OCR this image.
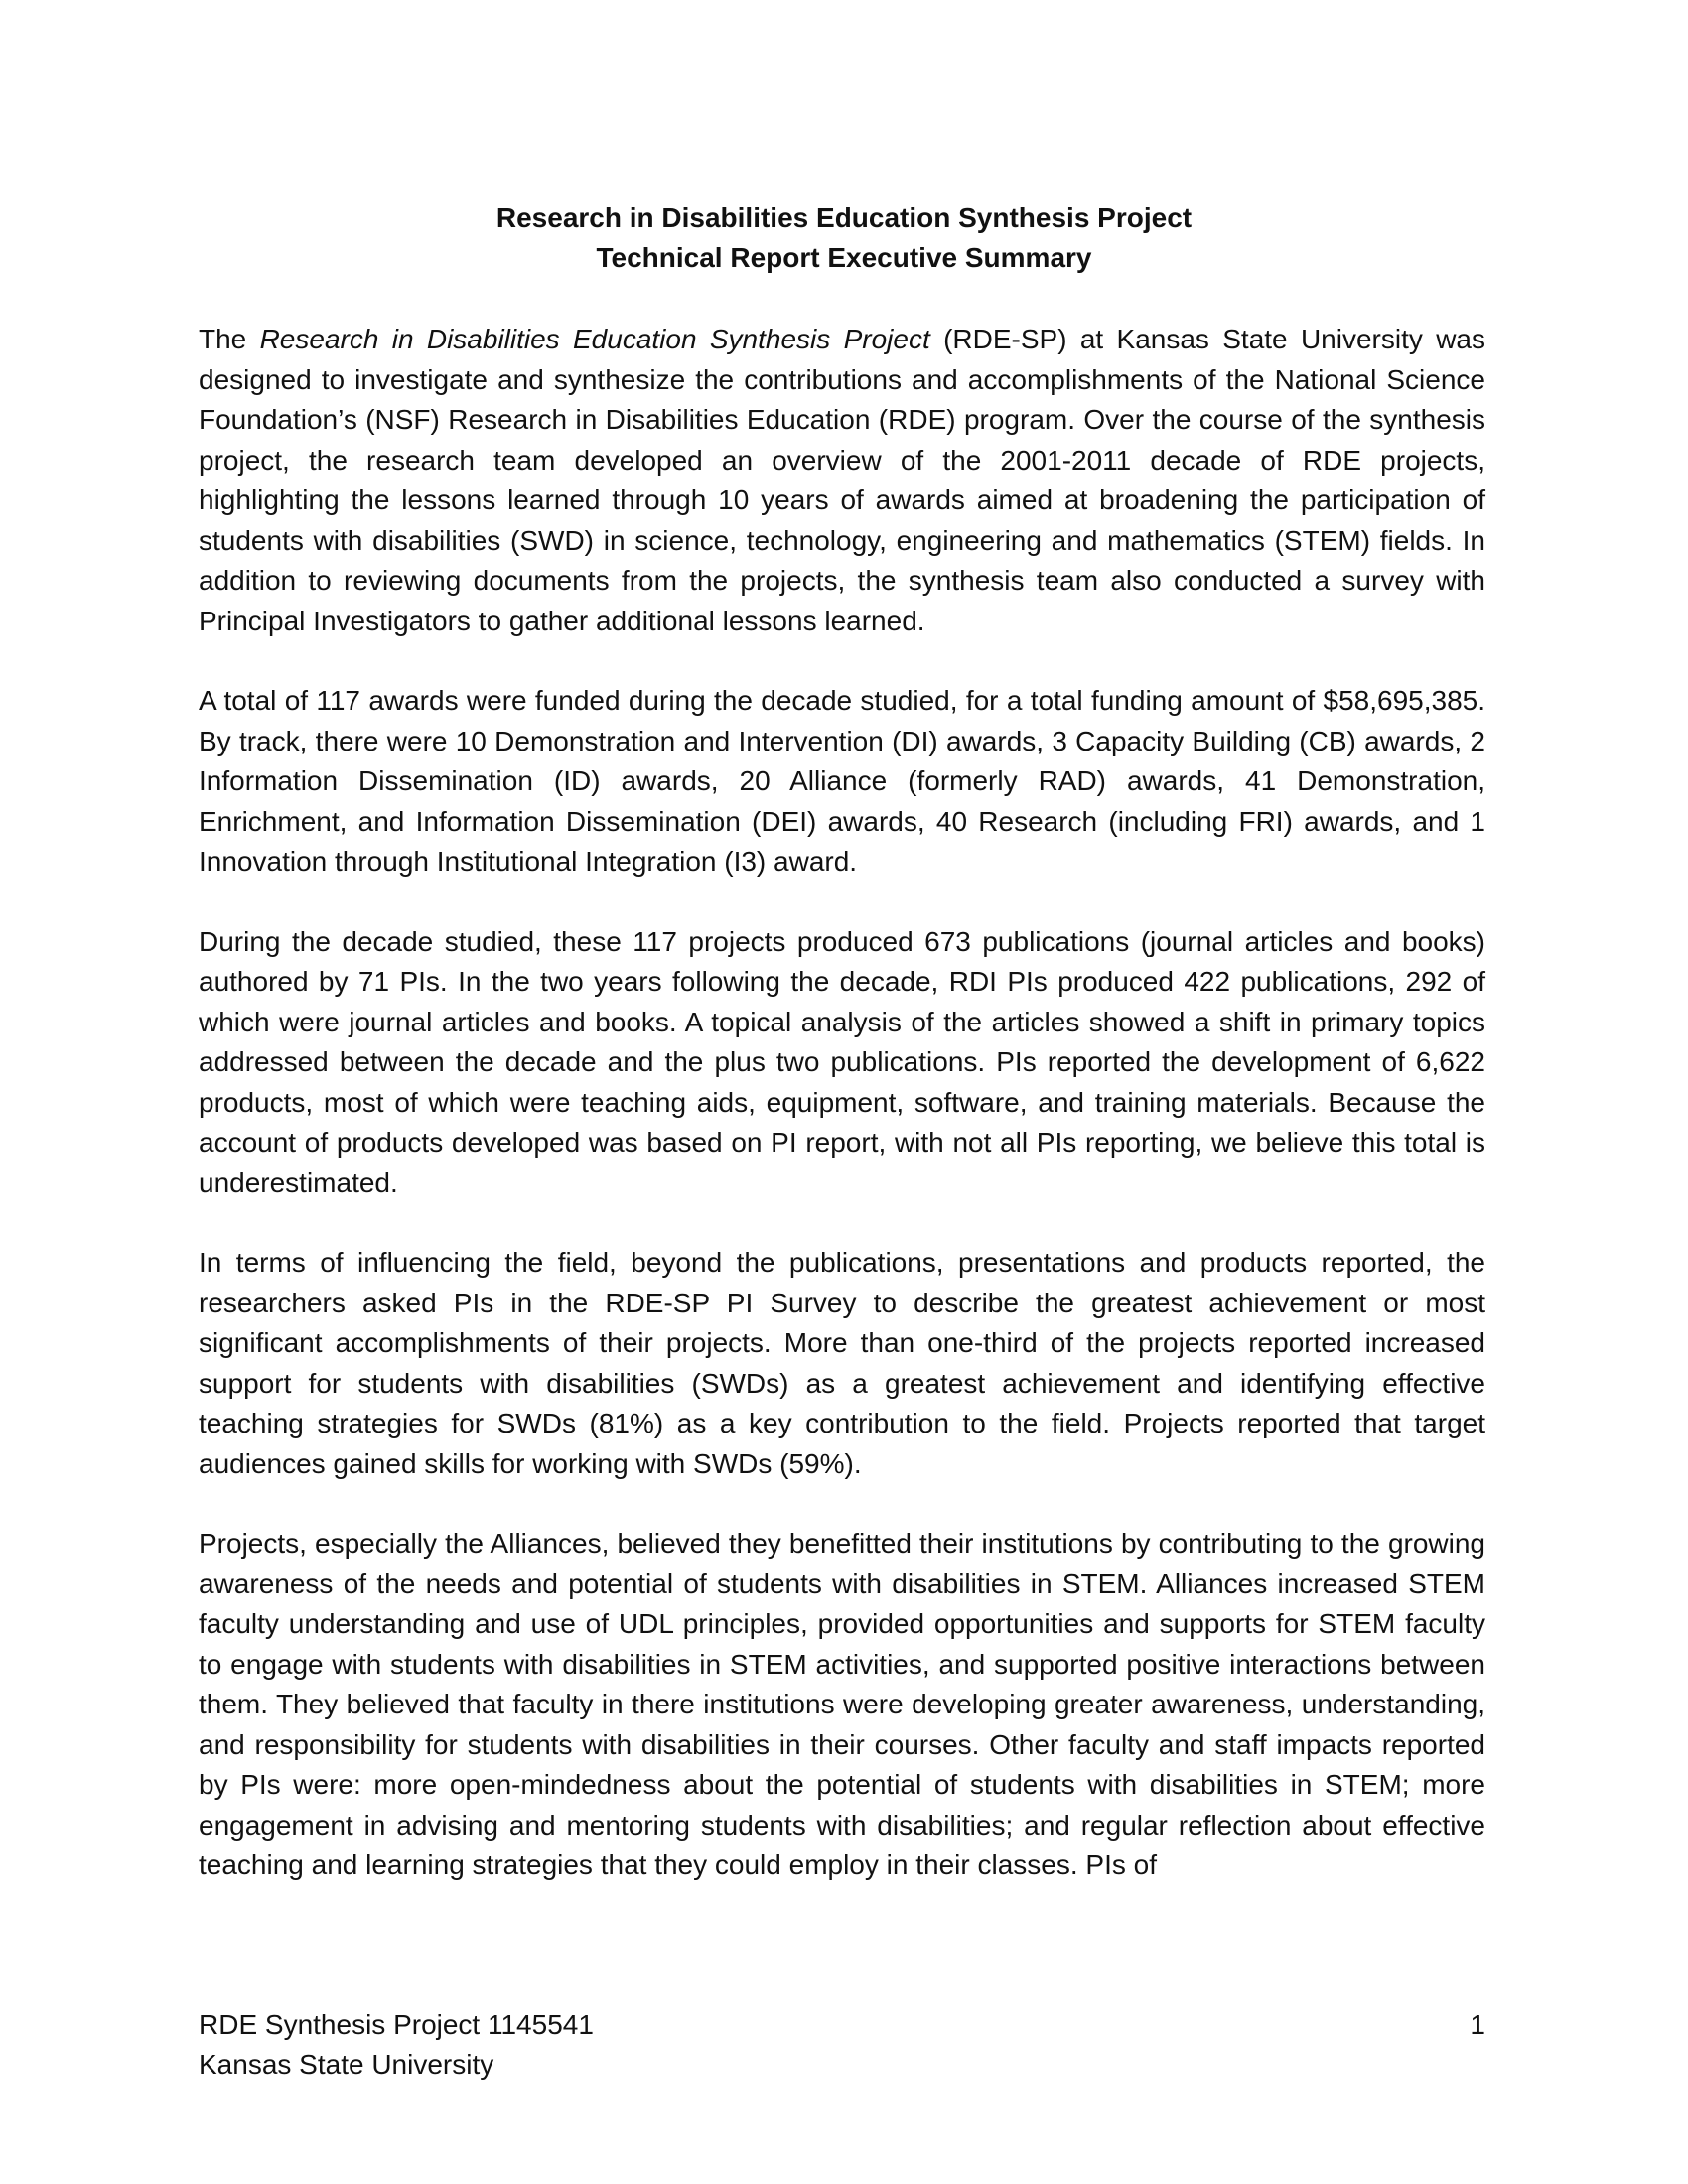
Research in Disabilities Education Synthesis Project

Technical Report Executive Summary

The Research in Disabilities Education Synthesis Project (RDE-SP) at Kansas State University was designed to investigate and synthesize the contributions and accomplishments of the National Science Foundation’s (NSF) Research in Disabilities Education (RDE) program. Over the course of the synthesis project, the research team developed an overview of the 2001-2011 decade of RDE projects, highlighting the lessons learned through 10 years of awards aimed at broadening the participation of students with disabilities (SWD) in science, technology, engineering and mathematics (STEM) fields. In addition to reviewing documents from the projects, the synthesis team also conducted a survey with Principal Investigators to gather additional lessons learned.

A total of 117 awards were funded during the decade studied, for a total funding amount of $58,695,385. By track, there were 10 Demonstration and Intervention (DI) awards, 3 Capacity Building (CB) awards, 2 Information Dissemination (ID) awards, 20 Alliance (formerly RAD) awards, 41 Demonstration, Enrichment, and Information Dissemination (DEI) awards, 40 Research (including FRI) awards, and 1 Innovation through Institutional Integration (I3) award.

During the decade studied, these 117 projects produced 673 publications (journal articles and books) authored by 71 PIs. In the two years following the decade, RDI PIs produced 422 publications, 292 of which were journal articles and books. A topical analysis of the articles showed a shift in primary topics addressed between the decade and the plus two publications. PIs reported the development of 6,622 products, most of which were teaching aids, equipment, software, and training materials. Because the account of products developed was based on PI report, with not all PIs reporting, we believe this total is underestimated.

In terms of influencing the field, beyond the publications, presentations and products reported, the researchers asked PIs in the RDE-SP PI Survey to describe the greatest achievement or most significant accomplishments of their projects. More than one-third of the projects reported increased support for students with disabilities (SWDs) as a greatest achievement and identifying effective teaching strategies for SWDs (81%) as a key contribution to the field. Projects reported that target audiences gained skills for working with SWDs (59%).

Projects, especially the Alliances, believed they benefitted their institutions by contributing to the growing awareness of the needs and potential of students with disabilities in STEM. Alliances increased STEM faculty understanding and use of UDL principles, provided opportunities and supports for STEM faculty to engage with students with disabilities in STEM activities, and supported positive interactions between them. They believed that faculty in there institutions were developing greater awareness, understanding, and responsibility for students with disabilities in their courses. Other faculty and staff impacts reported by PIs were: more open-mindedness about the potential of students with disabilities in STEM; more engagement in advising and mentoring students with disabilities; and regular reflection about effective teaching and learning strategies that they could employ in their classes. PIs of

RDE Synthesis Project 1145541
Kansas State University
1
